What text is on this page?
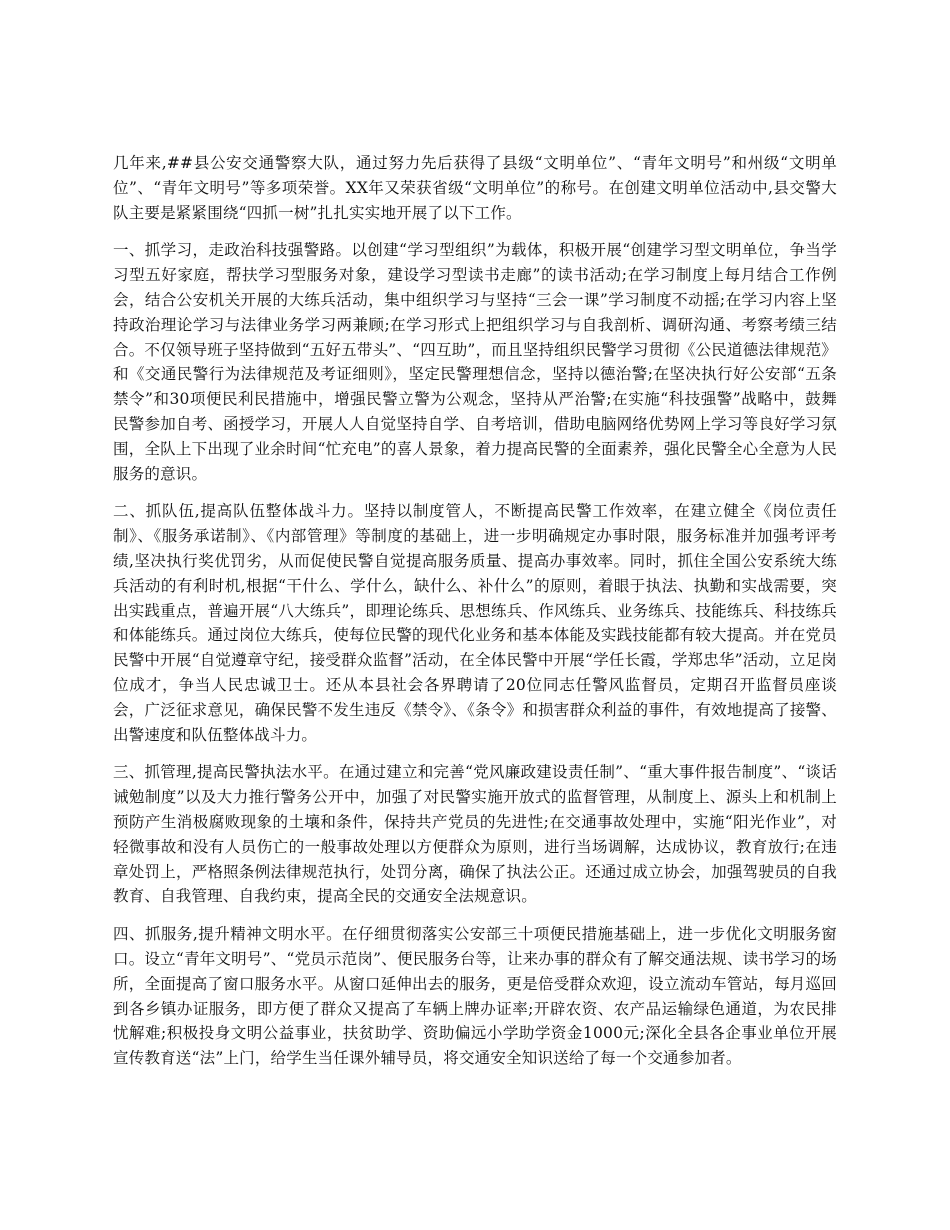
几年来,##县公安交通警察大队，通过努力先后获得了县级“文明单位”、“青年文明号”和州级“文明单位”、“青年文明号”等多项荣誉。XX年又荣获省级“文明单位”的称号。在创建文明单位活动中,县交警大队主要是紧紧围绕“四抓一树”扎扎实实地开展了以下工作。

一、抓学习，走政治科技强警路。以创建“学习型组织”为载体，积极开展“创建学习型文明单位，争当学习型五好家庭，帮扶学习型服务对象，建设学习型读书走廊”的读书活动;在学习制度上每月结合工作例会，结合公安机关开展的大练兵活动，集中组织学习与坚持“三会一课”学习制度不动摇;在学习内容上坚持政治理论学习与法律业务学习两兼顾;在学习形式上把组织学习与自我剖析、调研沟通、考察考绩三结合。不仅领导班子坚持做到“五好五带头”、“四互助”，而且坚持组织民警学习贯彻《公民道德法律规范》和《交通民警行为法律规范及考证细则》，坚定民警理想信念，坚持以德治警;在坚决执行好公安部“五条禁令”和30项便民利民措施中，增强民警立警为公观念，坚持从严治警;在实施“科技强警”战略中，鼓舞民警参加自考、函授学习，开展人人自觉坚持自学、自考培训，借助电脑网络优势网上学习等良好学习氛围，全队上下出现了业余时间“忙充电”的喜人景象，着力提高民警的全面素养，强化民警全心全意为人民服务的意识。

二、抓队伍,提高队伍整体战斗力。坚持以制度管人，不断提高民警工作效率，在建立健全《岗位责任制》、《服务承诺制》、《内部管理》等制度的基础上，进一步明确规定办事时限，服务标准并加强考评考绩,坚决执行奖优罚劣，从而促使民警自觉提高服务质量、提高办事效率。同时，抓住全国公安系统大练兵活动的有利时机,根据“干什么、学什么，缺什么、补什么”的原则，着眼于执法、执勤和实战需要，突出实践重点，普遍开展“八大练兵”，即理论练兵、思想练兵、作风练兵、业务练兵、技能练兵、科技练兵和体能练兵。通过岗位大练兵，使每位民警的现代化业务和基本体能及实践技能都有较大提高。并在党员民警中开展“自觉遵章守纪，接受群众监督”活动，在全体民警中开展“学任长霞，学郑忠华”活动，立足岗位成才，争当人民忠诚卫士。还从本县社会各界聘请了20位同志任警风监督员，定期召开监督员座谈会，广泛征求意见，确保民警不发生违反《禁令》、《条令》和损害群众利益的事件，有效地提高了接警、出警速度和队伍整体战斗力。

三、抓管理,提高民警执法水平。在通过建立和完善“党风廉政建设责任制”、“重大事件报告制度”、“谈话诫勉制度”以及大力推行警务公开中，加强了对民警实施开放式的监督管理，从制度上、源头上和机制上预防产生消极腐败现象的土壤和条件，保持共产党员的先进性;在交通事故处理中，实施“阳光作业”，对轻微事故和没有人员伤亡的一般事故处理以方便群众为原则，进行当场调解，达成协议，教育放行;在违章处罚上，严格照条例法律规范执行，处罚分离，确保了执法公正。还通过成立协会，加强驾驶员的自我教育、自我管理、自我约束，提高全民的交通安全法规意识。

四、抓服务,提升精神文明水平。在仔细贯彻落实公安部三十项便民措施基础上，进一步优化文明服务窗口。设立“青年文明号”、“党员示范岗”、便民服务台等，让来办事的群众有了解交通法规、读书学习的场所，全面提高了窗口服务水平。从窗口延伸出去的服务，更是倍受群众欢迎，设立流动车管站，每月巡回到各乡镇办证服务，即方便了群众又提高了车辆上牌办证率;开辟农资、农产品运输绿色通道，为农民排忧解难;积极投身文明公益事业，扶贫助学、资助偏远小学助学资金1000元;深化全县各企事业单位开展宣传教育送“法”上门，给学生当任课外辅导员，将交通安全知识送给了每一个交通参加者。
